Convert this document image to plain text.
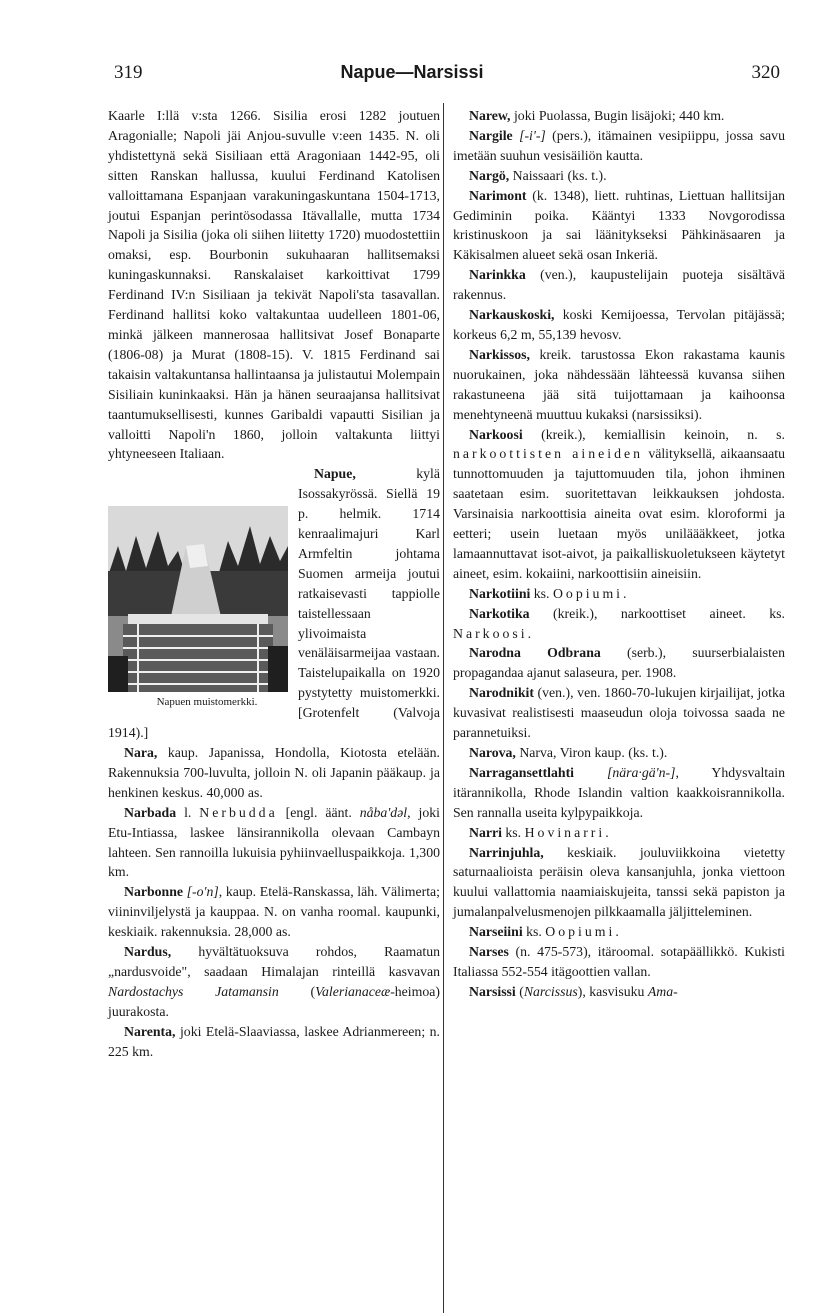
319	Napue—Narsissi	320

Kaarle I:llä v:sta 1266. Sisilia erosi 1282 joutuen Aragonialle; Napoli jäi Anjou-suvulle v:een 1435. N. oli yhdistettynä sekä Sisiliaan että Aragoniaan 1442-95, oli sitten Ranskan hallussa, kuului Ferdinand Katolisen valloittamana Espanjaan varakuningaskuntana 1504-1713, joutui Espanjan perintösodassa Itävallalle, mutta 1734 Napoli ja Sisilia (joka oli siihen liitetty 1720) muodostettiin omaksi, esp. Bourbonin sukuhaaran hallitsemaksi kuningaskunnaksi. Ranskalaiset karkoittivat 1799 Ferdinand IV:n Sisiliaan ja tekivät Napoli'sta tasavallan. Ferdinand hallitsi koko valtakuntaa uudelleen 1801-06, minkä jälkeen mannerosaa hallitsivat Josef Bonaparte (1806-08) ja Murat (1808-15). V. 1815 Ferdinand sai takaisin valtakuntansa hallintaansa ja julistautui Molempain Sisiliain kuninkaaksi. Hän ja hänen seuraajansa hallitsivat taantumuksellisesti, kunnes Garibaldi vapautti Sisilian ja valloitti Napoli'n 1860, jolloin valtakunta liittyi yhtyneeseen Italiaan.

Napue,
Napuen muistomerkki.
kylä Isossakyrössä. Siellä 19 p. helmik. 1714 kenraalimajuri Karl Armfeltin johtama Suomen armeija joutui ratkaisevasti tappiolle taistellessaan ylivoimaista venäläisarmeijaa vastaan. Taistelupaikalla on 1920 pystytetty muistomerkki. [Grotenfelt (Valvoja 1914).]

Nara, kaup. Japanissa, Hondolla, Kiotosta etelään. Rakennuksia 700-luvulta, jolloin N. oli Japanin pääkaup. ja henkinen keskus. 40,000 as.

Narbada l. Nerbudda [engl. äänt. nåba'dəl, joki Etu-Intiassa, laskee länsirannikolla olevaan Cambayn lahteen. Sen rannoilla lukuisia pyhiinvaelluspaikkoja. 1,300 km.

Narbonne [-o'n], kaup. Etelä-Ranskassa, läh. Välimerta; viininviljelystä ja kauppaa. N. on vanha roomal. kaupunki, keskiaik. rakennuksia. 28,000 as.

Nardus, hyvältätuoksuva rohdos, Raamatun „nardusvoide", saadaan Himalajan rinteillä kasvavan Nardostachys Jatamansin (Valerianaceæ-heimoa) juurakosta.

Narenta, joki Etelä-Slaaviassa, laskee Adrianmereen; n. 225 km.

Narew, joki Puolassa, Bugin lisäjoki; 440 km.

Nargile [-i'-] (pers.), itämainen vesipiippu, jossa savu imetään suuhun vesisäiliön kautta.

Nargö, Naissaari (ks. t.).

Narimont (k. 1348), liett. ruhtinas, Liettuan hallitsijan Gediminin poika. Kääntyi 1333 Novgorodissa kristinuskoon ja sai läänitykseksi Pähkinäsaaren ja Käkisalmen alueet sekä osan Inkeriä.

Narinkka (ven.), kaupustelijain puoteja sisältävä rakennus.

Narkauskoski, koski Kemijoessa, Tervolan pitäjässä; korkeus 6,2 m, 55,139 hevosv.

Narkissos, kreik. tarustossa Ekon rakastama kaunis nuorukainen, joka nähdessään lähteessä kuvansa siihen rakastuneena jää sitä tuijottamaan ja kaihoonsa menehtyneenä muuttuu kukaksi (narsissiksi).

Narkoosi (kreik.), kemiallisin keinoin, n. s. narkoottisten aineiden välityksellä, aikaansaatu tunnottomuuden ja tajuttomuuden tila, johon ihminen saatetaan esim. suoritettavan leikkauksen johdosta. Varsinaisia narkoottisia aineita ovat esim. kloroformi ja eetteri; usein luetaan myös uniläääkkeet, jotka lamaannuttavat isot-aivot, ja paikalliskuoletukseen käytetyt aineet, esim. kokaiini, narkoottisiin aineisiin.

Narkotiini ks. Oopiumi.

Narkotika (kreik.), narkoottiset aineet. ks. Narkoosi.

Narodna Odbrana (serb.), suurserbialaisten propagandaa ajanut salaseura, per. 1908.

Narodnikit (ven.), ven. 1860-70-lukujen kirjailijat, jotka kuvasivat realistisesti maaseudun oloja toivossa saada ne parannetuiksi.

Narova, Narva, Viron kaup. (ks. t.).

Narragansettlahti [nära·gä'n-], Yhdysvaltain itärannikolla, Rhode Islandin valtion kaakkoisrannikolla. Sen rannalla useita kylpypaikkoja.

Narri ks. Hovinarri.

Narrinjuhla, keskiaik. jouluviikkoina vietetty saturnaalioista peräisin oleva kansanjuhla, jonka viettoon kuului vallattomia naamiaiskujeita, tanssi sekä papiston ja jumalanpalvelusmenojen pilkkaamalla jäljitteleminen.

Narseiini ks. Oopiumi.

Narses (n. 475-573), itäroomal. sotapäällikkö. Kukisti Italiassa 552-554 itägoottien vallan.

Narsissi (Narcissus), kasvisuku Ama-
